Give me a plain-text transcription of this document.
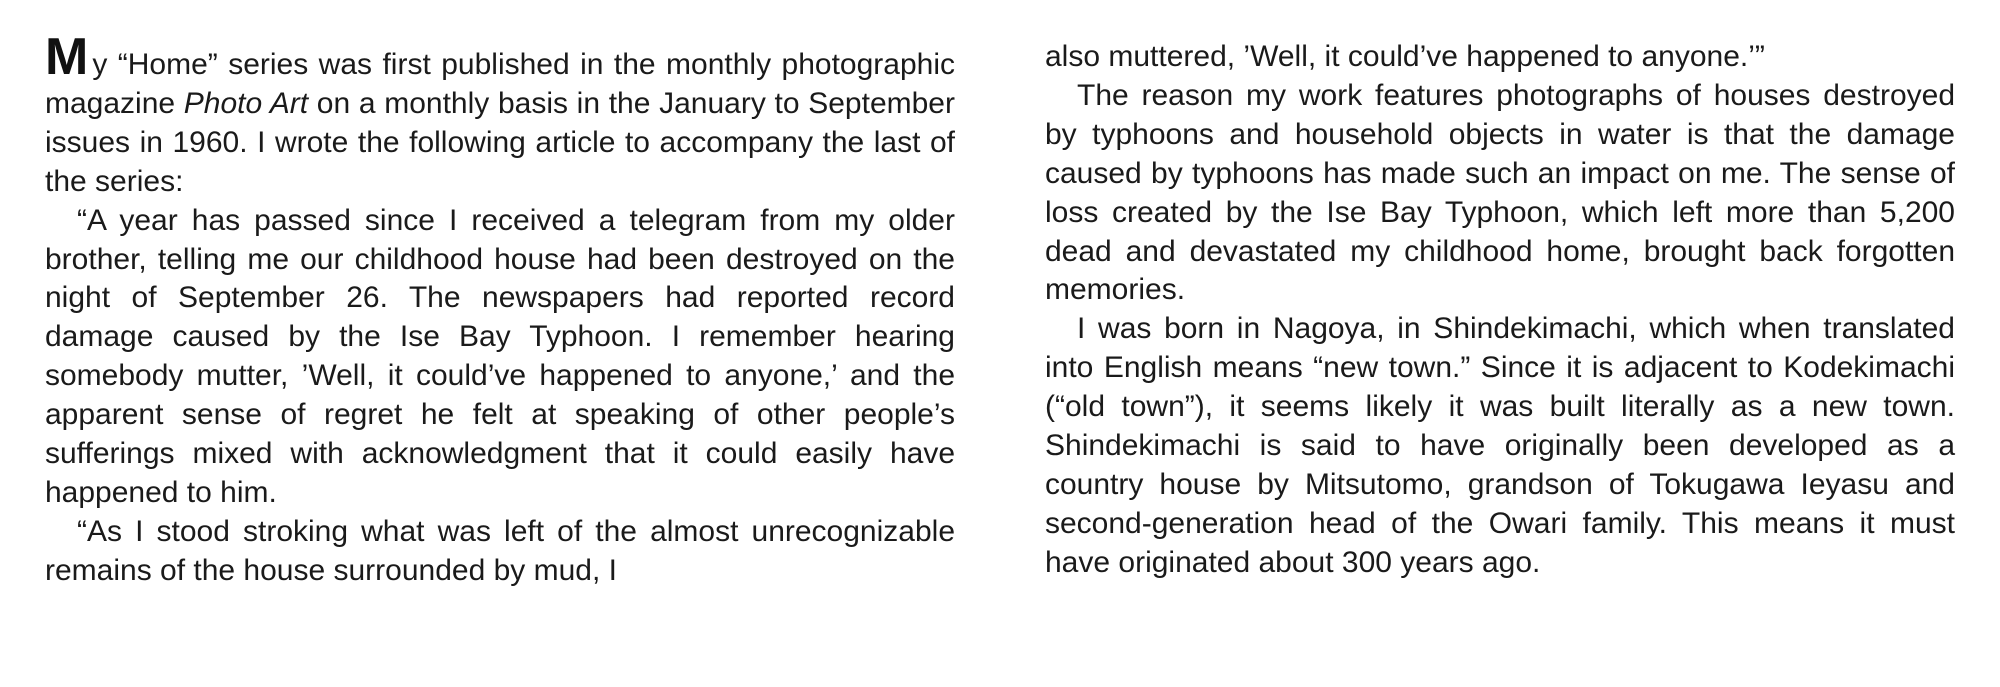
My “Home” series was first published in the monthly photographic magazine Photo Art on a monthly basis in the January to September issues in 1960. I wrote the following article to accompany the last of the series:

“A year has passed since I received a telegram from my older brother, telling me our childhood house had been destroyed on the night of September 26. The newspapers had reported record damage caused by the Ise Bay Typhoon. I remember hearing somebody mutter, ’Well, it could’ve happened to anyone,’ and the apparent sense of regret he felt at speaking of other people’s sufferings mixed with acknowledgment that it could easily have happened to him.

“As I stood stroking what was left of the almost unrecognizable remains of the house surrounded by mud, I

also muttered, ’Well, it could’ve happened to anyone.’”

The reason my work features photographs of houses destroyed by typhoons and household objects in water is that the damage caused by typhoons has made such an impact on me. The sense of loss created by the Ise Bay Typhoon, which left more than 5,200 dead and devastated my childhood home, brought back forgotten memories.

I was born in Nagoya, in Shindekimachi, which when translated into English means “new town.” Since it is adjacent to Kodekimachi (“old town”), it seems likely it was built literally as a new town. Shindekimachi is said to have originally been developed as a country house by Mitsutomo, grandson of Tokugawa Ieyasu and second-generation head of the Owari family. This means it must have originated about 300 years ago.
